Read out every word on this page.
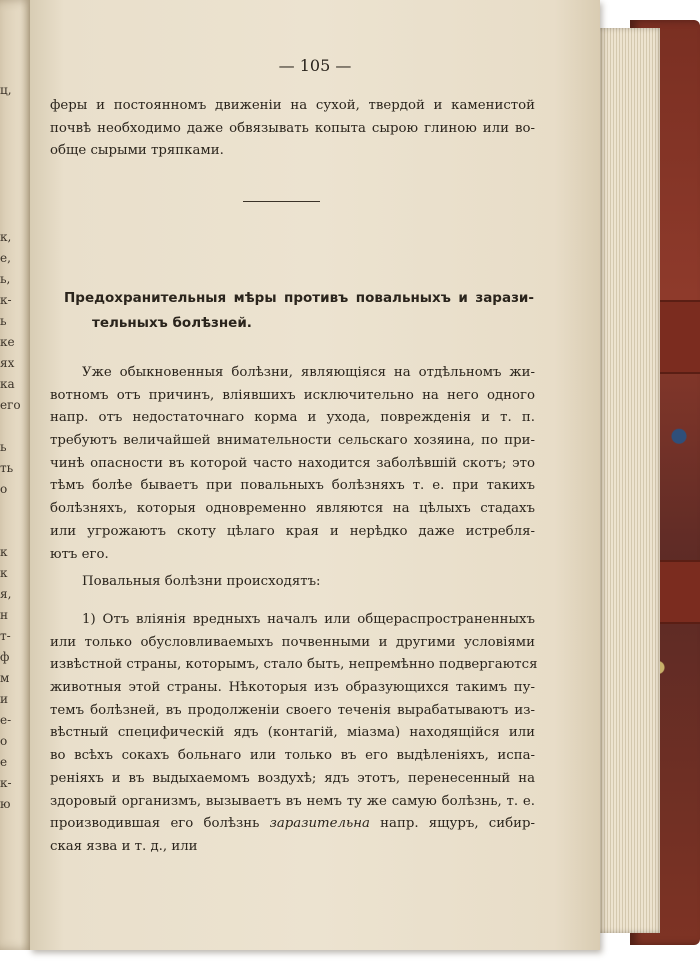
ц,

к,
е,
ь,
к-
ь
ке
ях
ка
его

ь
ть
о

к
к
я,
н
т-
ф
м
и
е-
о
е
к-
ю
— 105 —
феры и постоянномъ движеніи на сухой, твердой и каменистой
почвѣ необходимо даже обвязывать копыта сырою глиною или во-
обще сырыми тряпками.
Предохранительныя мѣры противъ повальныхъ и зарази-
тельныхъ болѣзней.
Уже обыкновенныя болѣзни, являющіяся на отдѣльномъ жи-
вотномъ отъ причинъ, вліявшихъ исключительно на него одного
напр. отъ недостаточнаго корма и ухода, поврежденія и т. п.
требуютъ величайшей внимательности сельскаго хозяина, по при-
чинѣ опасности въ которой часто находится заболѣвшій скотъ; это
тѣмъ болѣе бываетъ при повальныхъ болѣзняхъ т. е. при такихъ
болѣзняхъ, которыя одновременно являются на цѣлыхъ стадахъ
или угрожаютъ скоту цѣлаго края и нерѣдко даже истребля-
ютъ его.
Повальныя болѣзни происходятъ:
1) Отъ вліянія вредныхъ началъ или общераспространенныхъ
или только обусловливаемыхъ почвенными и другими условіями
извѣстной страны, которымъ, стало быть, непремѣнно подвергаются
животныя этой страны. Нѣкоторыя изъ образующихся такимъ пу-
темъ болѣзней, въ продолженіи своего теченія вырабатываютъ из-
вѣстный специфическій ядъ (контагій, міазма) находящійся или
во всѣхъ сокахъ больнаго или только въ его выдѣленіяхъ, испа-
реніяхъ и въ выдыхаемомъ воздухѣ; ядъ этотъ, перенесенный на
здоровый организмъ, вызываетъ въ немъ ту же самую болѣзнь, т. е.
производившая его болѣзнь заразительна напр. ящуръ, сибир-
ская язва и т. д., или
